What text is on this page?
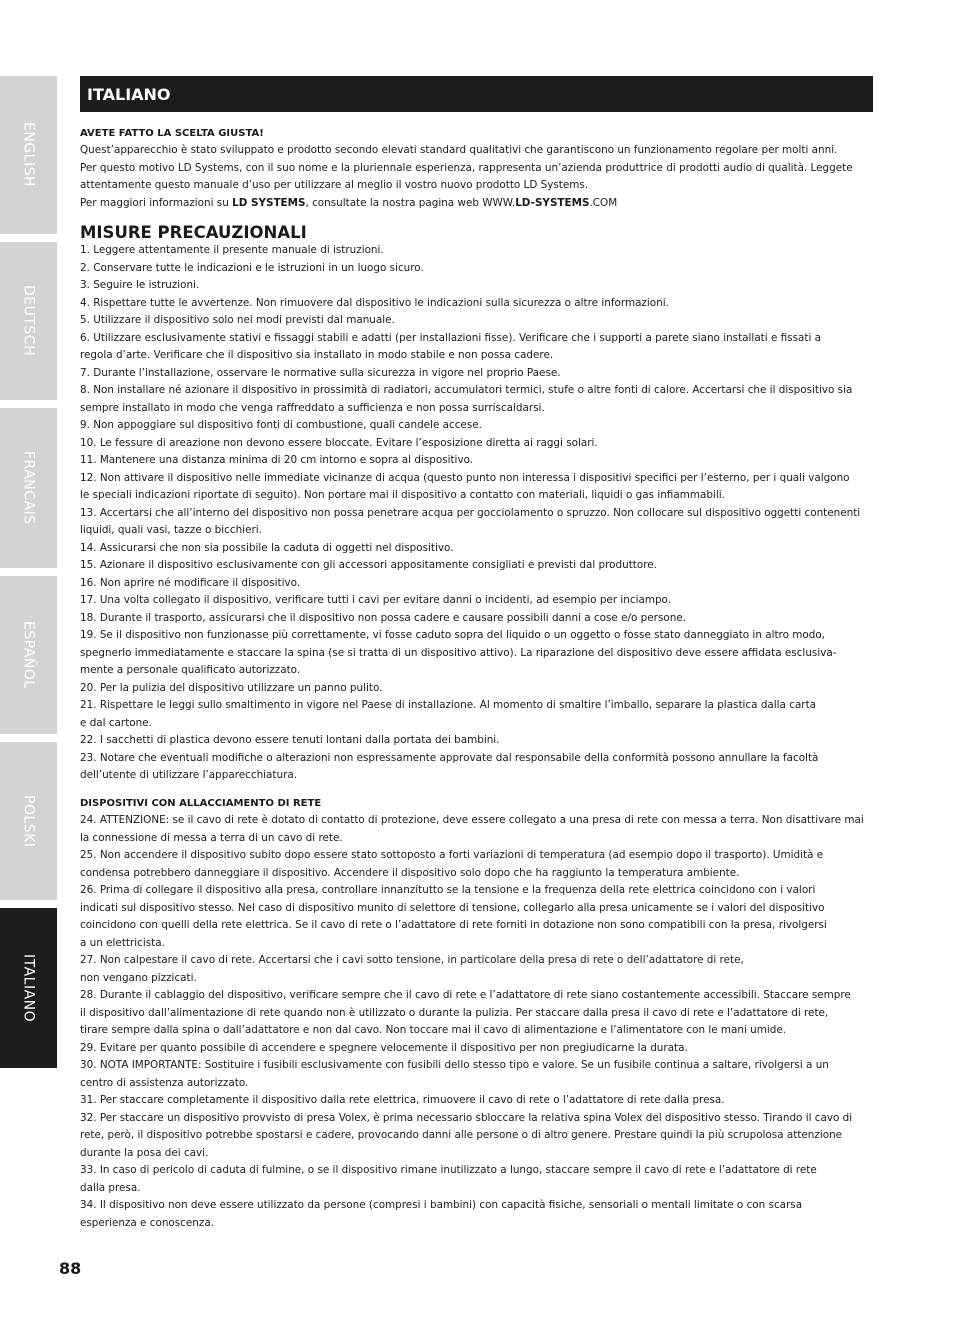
ENGLISH
DEUTSCH
FRANCAIS
ESPAÑOL
POLSKI
ITALIANO
ITALIANO

AVETE FATTO LA SCELTA GIUSTA!

Quest’apparecchio è stato sviluppato e prodotto secondo elevati standard qualitativi che garantiscono un funzionamento regolare per molti anni.

Per questo motivo LD Systems, con il suo nome e la pluriennale esperienza, rappresenta un’azienda produttrice di prodotti audio di qualità. Leggete

attentamente questo manuale d’uso per utilizzare al meglio il vostro nuovo prodotto LD Systems.

Per maggiori informazioni su LD SYSTEMS, consultate la nostra pagina web WWW.LD-SYSTEMS.COM

MISURE PRECAUZIONALI

1. Leggere attentamente il presente manuale di istruzioni.

2. Conservare tutte le indicazioni e le istruzioni in un luogo sicuro.

3. Seguire le istruzioni.

4. Rispettare tutte le avvertenze. Non rimuovere dal dispositivo le indicazioni sulla sicurezza o altre informazioni.

5. Utilizzare il dispositivo solo nei modi previsti dal manuale.

6. Utilizzare esclusivamente stativi e fissaggi stabili e adatti (per installazioni fisse). Verificare che i supporti a parete siano installati e fissati a

regola d’arte. Verificare che il dispositivo sia installato in modo stabile e non possa cadere.

7. Durante l’installazione, osservare le normative sulla sicurezza in vigore nel proprio Paese.

8. Non installare né azionare il dispositivo in prossimità di radiatori, accumulatori termici, stufe o altre fonti di calore. Accertarsi che il dispositivo sia

sempre installato in modo che venga raffreddato a sufficienza e non possa surriscaldarsi.

9. Non appoggiare sul dispositivo fonti di combustione, quali candele accese.

10. Le fessure di areazione non devono essere bloccate. Evitare l’esposizione diretta ai raggi solari.

11. Mantenere una distanza minima di 20 cm intorno e sopra al dispositivo.

12. Non attivare il dispositivo nelle immediate vicinanze di acqua (questo punto non interessa i dispositivi specifici per l’esterno, per i quali valgono

le speciali indicazioni riportate di seguito). Non portare mai il dispositivo a contatto con materiali, liquidi o gas infiammabili.

13. Accertarsi che all’interno del dispositivo non possa penetrare acqua per gocciolamento o spruzzo. Non collocare sul dispositivo oggetti contenenti

liquidi, quali vasi, tazze o bicchieri.

14. Assicurarsi che non sia possibile la caduta di oggetti nel dispositivo.

15. Azionare il dispositivo esclusivamente con gli accessori appositamente consigliati e previsti dal produttore.

16. Non aprire né modificare il dispositivo.

17. Una volta collegato il dispositivo, verificare tutti i cavi per evitare danni o incidenti, ad esempio per inciampo.

18. Durante il trasporto, assicurarsi che il dispositivo non possa cadere e causare possibili danni a cose e/o persone.

19. Se il dispositivo non funzionasse più correttamente, vi fosse caduto sopra del liquido o un oggetto o fosse stato danneggiato in altro modo,

spegnerlo immediatamente e staccare la spina (se si tratta di un dispositivo attivo). La riparazione del dispositivo deve essere affidata esclusiva-

mente a personale qualificato autorizzato.

20. Per la pulizia del dispositivo utilizzare un panno pulito.

21. Rispettare le leggi sullo smaltimento in vigore nel Paese di installazione. Al momento di smaltire l’imballo, separare la plastica dalla carta

e dal cartone.

22. I sacchetti di plastica devono essere tenuti lontani dalla portata dei bambini.

23. Notare che eventuali modifiche o alterazioni non espressamente approvate dal responsabile della conformità possono annullare la facoltà

dell’utente di utilizzare l’apparecchiatura.

DISPOSITIVI CON ALLACCIAMENTO DI RETE

24. ATTENZIONE: se il cavo di rete è dotato di contatto di protezione, deve essere collegato a una presa di rete con messa a terra. Non disattivare mai

la connessione di messa a terra di un cavo di rete.

25. Non accendere il dispositivo subito dopo essere stato sottoposto a forti variazioni di temperatura (ad esempio dopo il trasporto). Umidità e

condensa potrebbero danneggiare il dispositivo. Accendere il dispositivo solo dopo che ha raggiunto la temperatura ambiente.

26. Prima di collegare il dispositivo alla presa, controllare innanzitutto se la tensione e la frequenza della rete elettrica coincidono con i valori

indicati sul dispositivo stesso. Nel caso di dispositivo munito di selettore di tensione, collegarlo alla presa unicamente se i valori del dispositivo

coincidono con quelli della rete elettrica. Se il cavo di rete o l’adattatore di rete forniti in dotazione non sono compatibili con la presa, rivolgersi

a un elettricista.

27. Non calpestare il cavo di rete. Accertarsi che i cavi sotto tensione, in particolare della presa di rete o dell’adattatore di rete,

non vengano pizzicati.

28. Durante il cablaggio del dispositivo, verificare sempre che il cavo di rete e l’adattatore di rete siano costantemente accessibili. Staccare sempre

il dispositivo dall’alimentazione di rete quando non è utilizzato o durante la pulizia. Per staccare dalla presa il cavo di rete e l’adattatore di rete,

tirare sempre dalla spina o dall’adattatore e non dal cavo. Non toccare mai il cavo di alimentazione e l’alimentatore con le mani umide.

29. Evitare per quanto possibile di accendere e spegnere velocemente il dispositivo per non pregiudicarne la durata.

30. NOTA IMPORTANTE: Sostituire i fusibili esclusivamente con fusibili dello stesso tipo e valore. Se un fusibile continua a saltare, rivolgersi a un

centro di assistenza autorizzato.

31. Per staccare completamente il dispositivo dalla rete elettrica, rimuovere il cavo di rete o l’adattatore di rete dalla presa.

32. Per staccare un dispositivo provvisto di presa Volex, è prima necessario sbloccare la relativa spina Volex del dispositivo stesso. Tirando il cavo di

rete, però, il dispositivo potrebbe spostarsi e cadere, provocando danni alle persone o di altro genere. Prestare quindi la più scrupolosa attenzione

durante la posa dei cavi.

33. In caso di pericolo di caduta di fulmine, o se il dispositivo rimane inutilizzato a lungo, staccare sempre il cavo di rete e l’adattatore di rete

dalla presa.

34. Il dispositivo non deve essere utilizzato da persone (compresi i bambini) con capacità fisiche, sensoriali o mentali limitate o con scarsa

esperienza e conoscenza.

88
